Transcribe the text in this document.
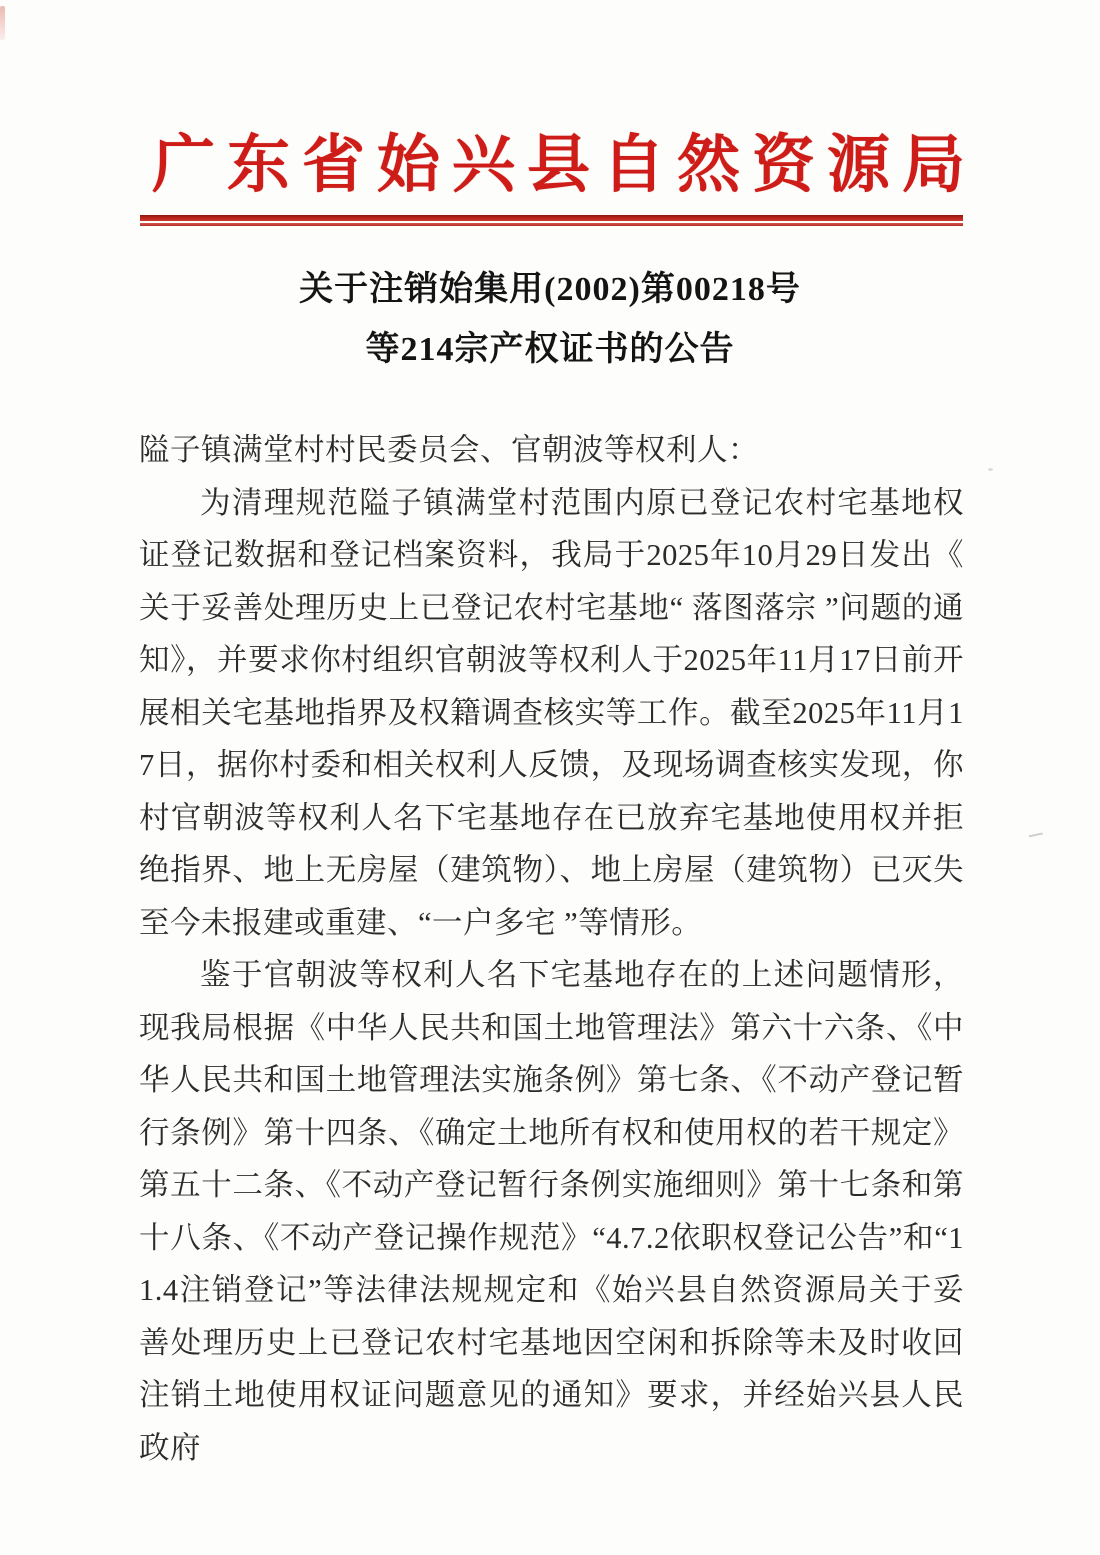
广东省始兴县自然资源局
关于注销始集用(2002)第00218号
等214宗产权证书的公告

隘子镇满堂村村民委员会、官朝波等权利人：

为清理规范隘子镇满堂村范围内原已登记农村宅基地权证登记数据和登记档案资料，我局于2025年10月29日发出《关于妥善处理历史上已登记农村宅基地“ 落图落宗 ”问题的通知》，并要求你村组织官朝波等权利人于2025年11月17日前开展相关宅基地指界及权籍调查核实等工作。截至2025年11月17日，据你村委和相关权利人反馈，及现场调查核实发现，你村官朝波等权利人名下宅基地存在已放弃宅基地使用权并拒绝指界、地上无房屋（建筑物）、地上房屋（建筑物）已灭失至今未报建或重建、“一户多宅 ”等情形。

鉴于官朝波等权利人名下宅基地存在的上述问题情形，现我局根据《中华人民共和国土地管理法》第六十六条、《中华人民共和国土地管理法实施条例》第七条、《不动产登记暂行条例》第十四条、《确定土地所有权和使用权的若干规定》第五十二条、《不动产登记暂行条例实施细则》第十七条和第十八条、《不动产登记操作规范》“4.7.2依职权登记公告”和“11.4注销登记”等法律法规规定和《始兴县自然资源局关于妥善处理历史上已登记农村宅基地因空闲和拆除等未及时收回注销土地使用权证问题意见的通知》要求，并经始兴县人民政府
